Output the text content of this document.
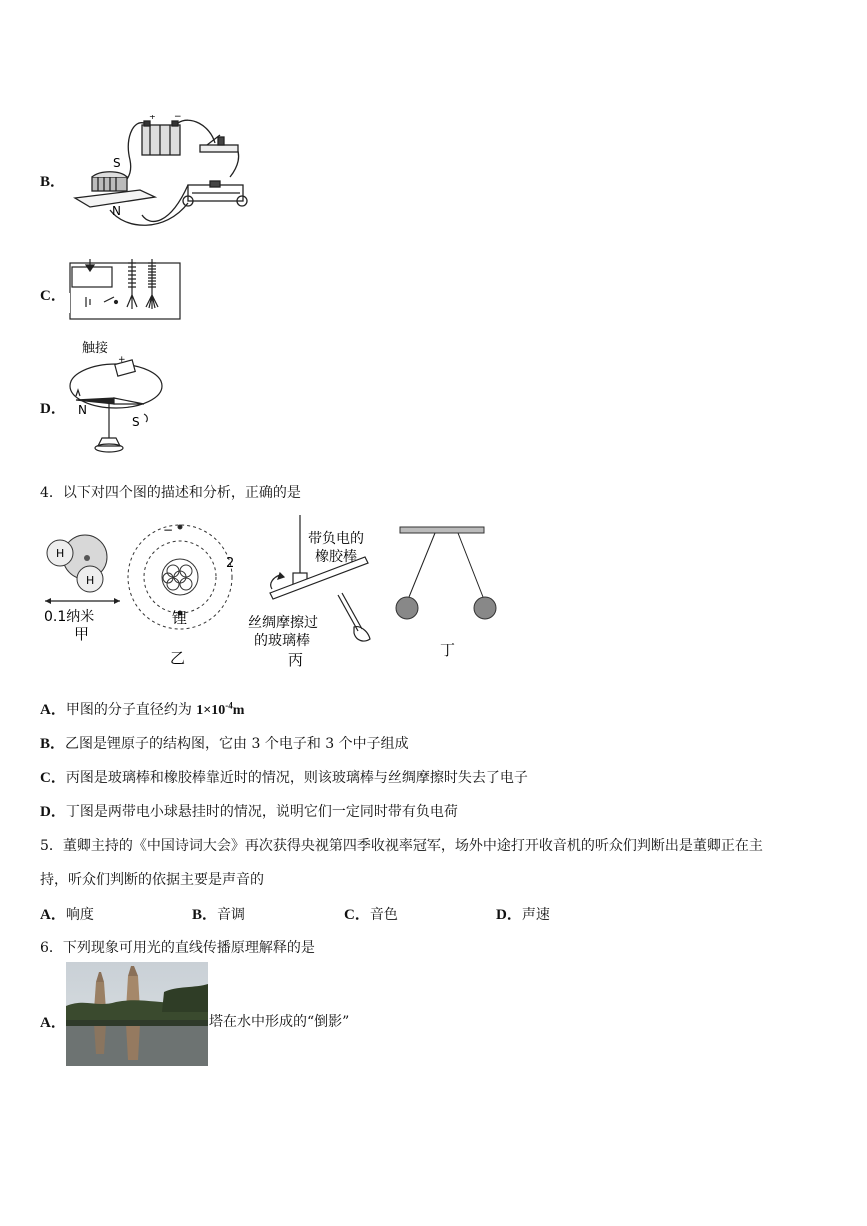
B．
+ −
S
N
C．
D．
触接
+
N
S
4．以下对四个图的描述和分析，正确的是
H
H
0.1纳米
甲
−
2
锂
乙
带负电的
橡胶棒
丝绸摩擦过
的玻璃棒
丙
丁
A．甲图的分子直径约为 $1\times 10^{-4}m$
B．乙图是锂原子的结构图，它由 3 个电子和 3 个中子组成
C．丙图是玻璃棒和橡胶棒靠近时的情况，则该玻璃棒与丝绸摩擦时失去了电子
D．丁图是两带电小球悬挂时的情况，说明它们一定同时带有负电荷
5．董卿主持的《中国诗词大会》再次获得央视第四季收视率冠军，场外中途打开收音机的听众们判断出是董卿正在主
持，听众们判断的依据主要是声音的
A．响度	B．音调	C．音色	D．声速
6．下列现象可用光的直线传播原理解释的是
A．	塔在水中形成的“倒影”
